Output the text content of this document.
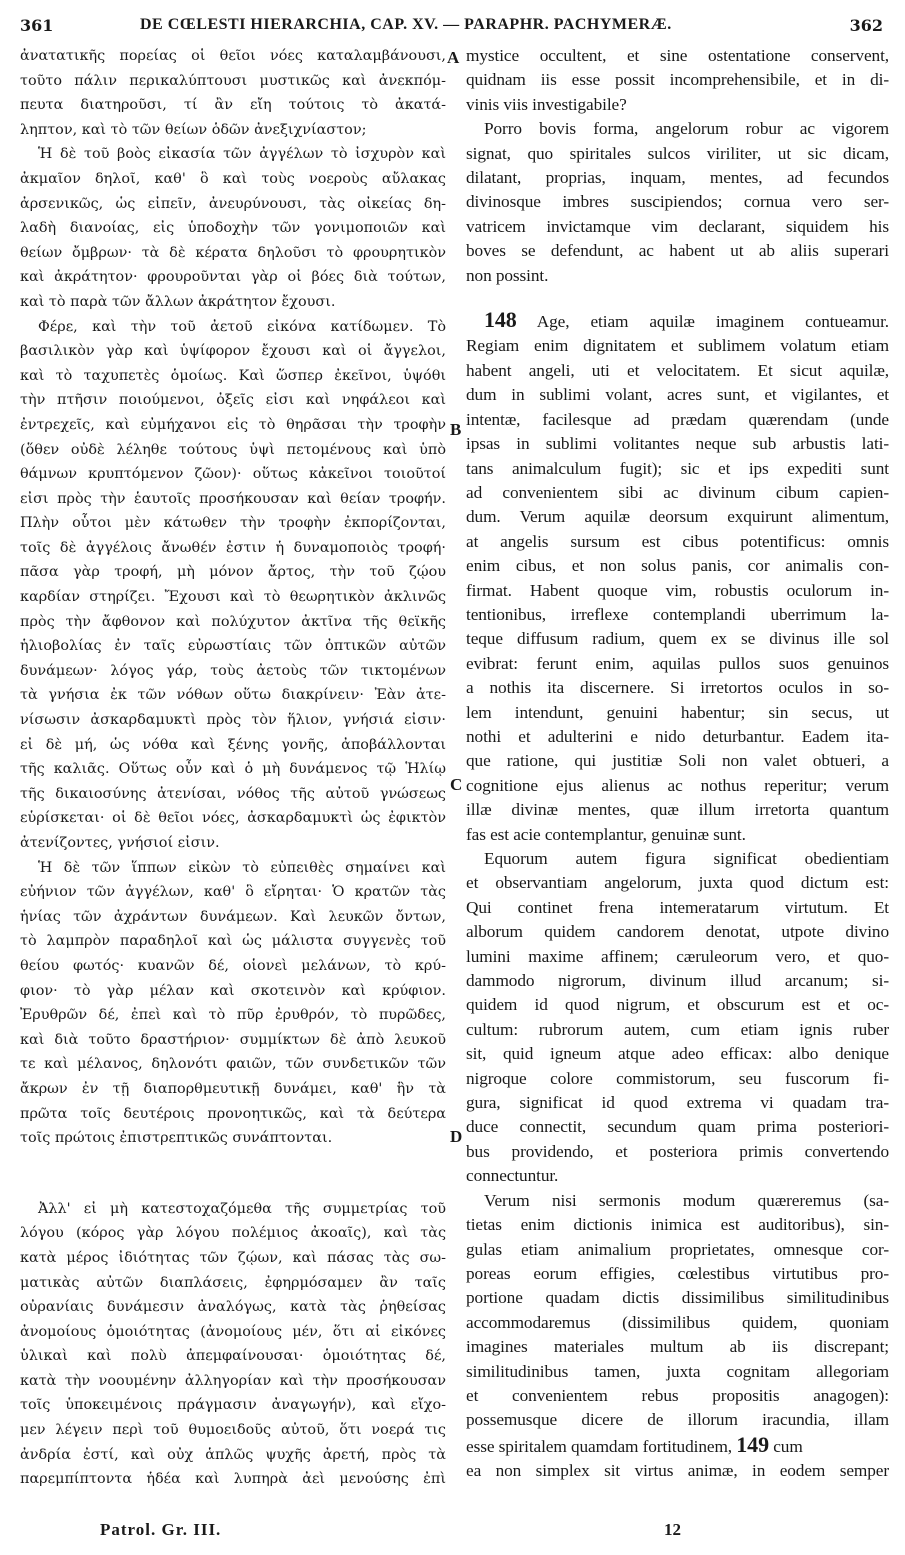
361	DE CŒLESTI HIERARCHIA, CAP. XV. — PARAPHR. PACHYMERÆ.	362
ἀνατατικῆς πορείας οἱ θεῖοι νόες καταλαμβάνουσι,
τοῦτο πάλιν περικαλύπτουσι μυστικῶς καὶ ἀνεκπόμ-
πευτα διατηροῦσι, τί ἂν εἴη τούτοις τὸ ἀκατά-
ληπτον, καὶ τὸ τῶν θείων ὁδῶν ἀνεξιχνίαστον;
Ἡ δὲ τοῦ βοὸς εἰκασία τῶν ἀγγέλων τὸ ἰσχυρὸν καὶ
ἀκμαῖον δηλοῖ, καθ' ὃ καὶ τοὺς νοεροὺς αὔλακας
ἀρσενικῶς, ὡς εἰπεῖν, ἀνευρύνουσι, τὰς οἰκείας δη-
λαδὴ διανοίας, εἰς ὑποδοχὴν τῶν γονιμοποιῶν καὶ
θείων ὄμβρων· τὰ δὲ κέρατα δηλοῦσι τὸ φρουρητικὸν
καὶ ἀκράτητον· φρουροῦνται γὰρ οἱ βόες διὰ τούτων,
καὶ τὸ παρὰ τῶν ἄλλων ἀκράτητον ἔχουσι.
Φέρε, καὶ τὴν τοῦ ἀετοῦ εἰκόνα κατίδωμεν. Τὸ
βασιλικὸν γὰρ καὶ ὑψίφορον ἔχουσι καὶ οἱ ἄγγελοι,
καὶ τὸ ταχυπετὲς ὁμοίως. Καὶ ὥσπερ ἐκεῖνοι, ὑψόθι
τὴν πτῆσιν ποιούμενοι, ὀξεῖς εἰσι καὶ νηφάλεοι καὶ
ἐντρεχεῖς, καὶ εὐμήχανοι εἰς τὸ θηρᾶσαι τὴν τροφὴν
(ὅθεν οὐδὲ λέληθε τούτους ὑψὶ πετομένους καὶ ὑπὸ
θάμνων κρυπτόμενον ζῶον)· οὕτως κἀκεῖνοι τοιοῦτοί
εἰσι πρὸς τὴν ἑαυτοῖς προσήκουσαν καὶ θείαν τροφήν.
Πλὴν οὗτοι μὲν κάτωθεν τὴν τροφὴν ἐκπορίζονται,
τοῖς δὲ ἀγγέλοις ἄνωθέν ἐστιν ἡ δυναμοποιὸς τροφή·
πᾶσα γὰρ τροφή, μὴ μόνον ἄρτος, τὴν τοῦ ζῴου
καρδίαν στηρίζει. Ἔχουσι καὶ τὸ θεωρητικὸν ἀκλινῶς
πρὸς τὴν ἄφθονον καὶ πολύχυτον ἀκτῖνα τῆς θεϊκῆς
ἡλιοβολίας ἐν ταῖς εὐρωστίαις τῶν ὀπτικῶν αὐτῶν
δυνάμεων· λόγος γάρ, τοὺς ἀετοὺς τῶν τικτομένων
τὰ γνήσια ἐκ τῶν νόθων οὕτω διακρίνειν· Ἐὰν ἀτε-
νίσωσιν ἀσκαρδαμυκτὶ πρὸς τὸν ἥλιον, γνήσιά εἰσιν·
εἰ δὲ μή, ὡς νόθα καὶ ξένης γονῆς, ἀποβάλλονται
τῆς καλιᾶς. Οὕτως οὖν καὶ ὁ μὴ δυνάμενος τῷ Ἡλίῳ
τῆς δικαιοσύνης ἀτενίσαι, νόθος τῆς αὐτοῦ γνώσεως
εὑρίσκεται· οἱ δὲ θεῖοι νόες, ἀσκαρδαμυκτὶ ὡς ἐφικτὸν
ἀτενίζοντες, γνήσιοί εἰσιν.
Ἡ δὲ τῶν ἵππων εἰκὼν τὸ εὐπειθὲς σημαίνει καὶ
εὐήνιον τῶν ἀγγέλων, καθ' ὃ εἴρηται· Ὁ κρατῶν τὰς
ἡνίας τῶν ἀχράντων δυνάμεων. Καὶ λευκῶν ὄντων,
τὸ λαμπρὸν παραδηλοῖ καὶ ὡς μάλιστα συγγενὲς τοῦ
θείου φωτός· κυανῶν δέ, οἱονεὶ μελάνων, τὸ κρύ-
φιον· τὸ γὰρ μέλαν καὶ σκοτεινὸν καὶ κρύφιον.
Ἐρυθρῶν δέ, ἐπεὶ καὶ τὸ πῦρ ἐρυθρόν, τὸ πυρῶδες,
καὶ διὰ τοῦτο δραστήριον· συμμίκτων δὲ ἀπὸ λευκοῦ
τε καὶ μέλανος, δηλονότι φαιῶν, τῶν συνδετικῶν τῶν
ἄκρων ἐν τῇ διαπορθμευτικῇ δυνάμει, καθ' ἣν τὰ
πρῶτα τοῖς δευτέροις προνοητικῶς, καὶ τὰ δεύτερα
τοῖς πρώτοις ἐπιστρεπτικῶς συνάπτονται.
Ἀλλ' εἰ μὴ κατεστοχαζόμεθα τῆς συμμετρίας τοῦ
λόγου (κόρος γὰρ λόγου πολέμιος ἀκοαῖς), καὶ τὰς
κατὰ μέρος ἰδιότητας τῶν ζῴων, καὶ πάσας τὰς σω-
ματικὰς αὐτῶν διαπλάσεις, ἐφηρμόσαμεν ἂν ταῖς
οὐρανίαις δυνάμεσιν ἀναλόγως, κατὰ τὰς ῥηθείσας
ἀνομοίους ὁμοιότητας (ἀνομοίους μέν, ὅτι αἱ εἰκόνες
ὑλικαὶ καὶ πολὺ ἀπεμφαίνουσαι· ὁμοιότητας δέ,
κατὰ τὴν νοουμένην ἀλληγορίαν καὶ τὴν προσήκουσαν
τοῖς ὑποκειμένοις πράγμασιν ἀναγωγήν), καὶ εἴχο-
μεν λέγειν περὶ τοῦ θυμοειδοῦς αὐτοῦ, ὅτι νοερά τις
ἀνδρία ἐστί, καὶ οὐχ ἁπλῶς ψυχῆς ἀρετή, πρὸς τὰ
παρεμπίπτοντα ἡδέα καὶ λυπηρὰ ἀεὶ μενούσης ἐπὶ
A
B
C
D
mystice occultent, et sine ostentatione conservent,
quidnam iis esse possit incomprehensibile, et in di-
vinis viis investigabile?
Porro bovis forma, angelorum robur ac vigorem
signat, quo spiritales sulcos viriliter, ut sic dicam,
dilatant, proprias, inquam, mentes, ad fecundos
divinosque imbres suscipiendos; cornua vero ser-
vatricem invictamque vim declarant, siquidem his
boves se defendunt, ac habent ut ab aliis superari
non possint.
148 Age, etiam aquilæ imaginem contueamur.
Regiam enim dignitatem et sublimem volatum etiam
habent angeli, uti et velocitatem. Et sicut aquilæ,
dum in sublimi volant, acres sunt, et vigilantes, et
intentæ, facilesque ad prædam quærendam (unde
ipsas in sublimi volitantes neque sub arbustis lati-
tans animalculum fugit); sic et ips expediti sunt
ad convenientem sibi ac divinum cibum capien-
dum. Verum aquilæ deorsum exquirunt alimentum,
at angelis sursum est cibus potentificus: omnis
enim cibus, et non solus panis, cor animalis con-
firmat. Habent quoque vim, robustis oculorum in-
tentionibus, irreflexe contemplandi uberrimum la-
teque diffusum radium, quem ex se divinus ille sol
evibrat: ferunt enim, aquilas pullos suos genuinos
a nothis ita discernere. Si irretortos oculos in so-
lem intendunt, genuini habentur; sin secus, ut
nothi et adulterini e nido deturbantur. Eadem ita-
que ratione, qui justitiæ Soli non valet obtueri, a
cognitione ejus alienus ac nothus reperitur; verum
illæ divinæ mentes, quæ illum irretorta quantum
fas est acie contemplantur, genuinæ sunt.
Equorum autem figura significat obedientiam
et observantiam angelorum, juxta quod dictum est:
Qui continet frena intemeratarum virtutum. Et
alborum quidem candorem denotat, utpote divino
lumini maxime affinem; cæruleorum vero, et quo-
dammodo nigrorum, divinum illud arcanum; si-
quidem id quod nigrum, et obscurum est et oc-
cultum: rubrorum autem, cum etiam ignis ruber
sit, quid igneum atque adeo efficax: albo denique
nigroque colore commistorum, seu fuscorum fi-
gura, significat id quod extrema vi quadam tra-
duce connectit, secundum quam prima posteriori-
bus providendo, et posteriora primis convertendo
connectuntur.
Verum nisi sermonis modum quæreremus (sa-
tietas enim dictionis inimica est auditoribus), sin-
gulas etiam animalium proprietates, omnesque cor-
poreas eorum effigies, cœlestibus virtutibus pro-
portione quadam dictis dissimilibus similitudinibus
accommodaremus (dissimilibus quidem, quoniam
imagines materiales multum ab iis discrepant;
similitudinibus tamen, juxta cognitam allegoriam
et convenientem rebus propositis anagogen):
possemusque dicere de illorum iracundia, illam
esse spiritalem quamdam fortitudinem, 149 cum
ea non simplex sit virtus animæ, in eodem semper
Patrol. Gr. III.	12
